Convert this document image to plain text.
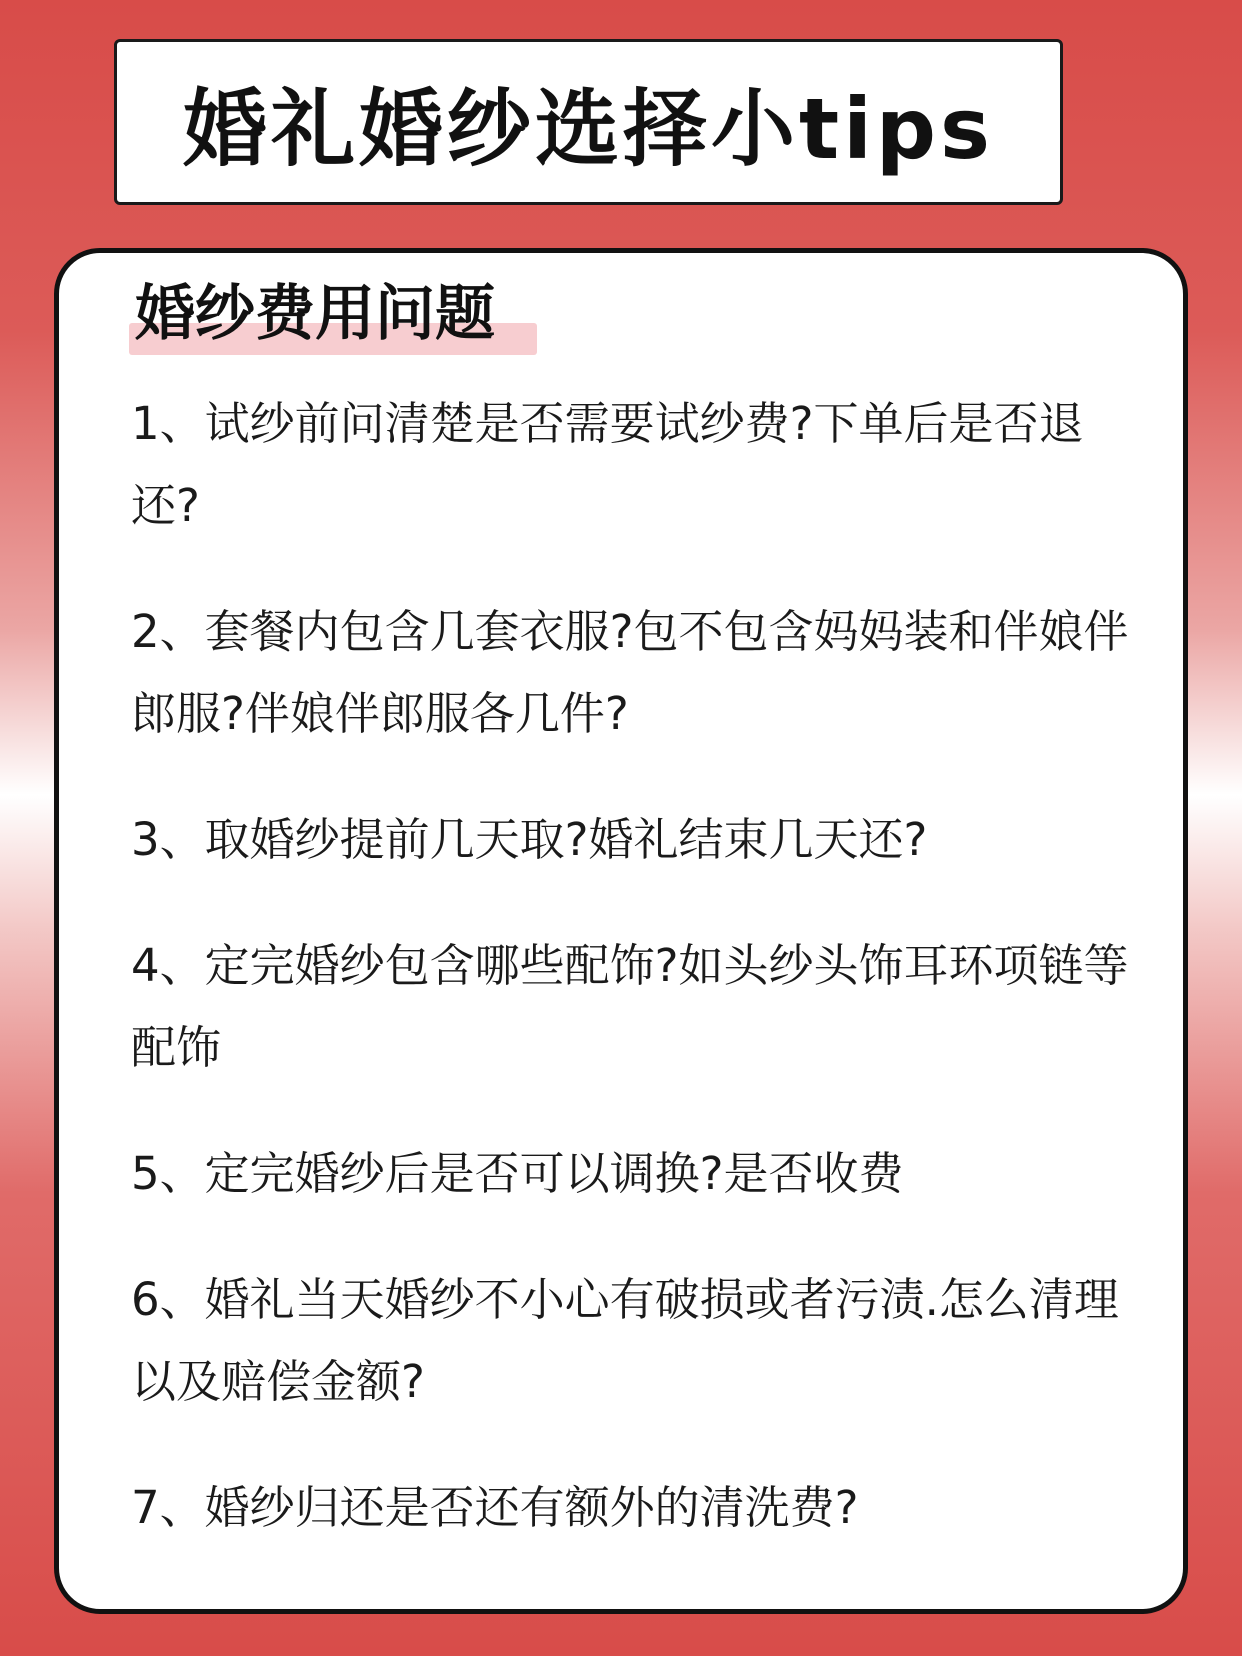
婚礼婚纱选择小tips
婚纱费用问题
1、试纱前问清楚是否需要试纱费?下单后是否退还?
2、套餐内包含几套衣服?包不包含妈妈装和伴娘伴郎服?伴娘伴郎服各几件?
3、取婚纱提前几天取?婚礼结束几天还?
4、定完婚纱包含哪些配饰?如头纱头饰耳环项链等配饰
5、定完婚纱后是否可以调换?是否收费
6、婚礼当天婚纱不小心有破损或者污渍.怎么清理以及赔偿金额?
7、婚纱归还是否还有额外的清洗费?
